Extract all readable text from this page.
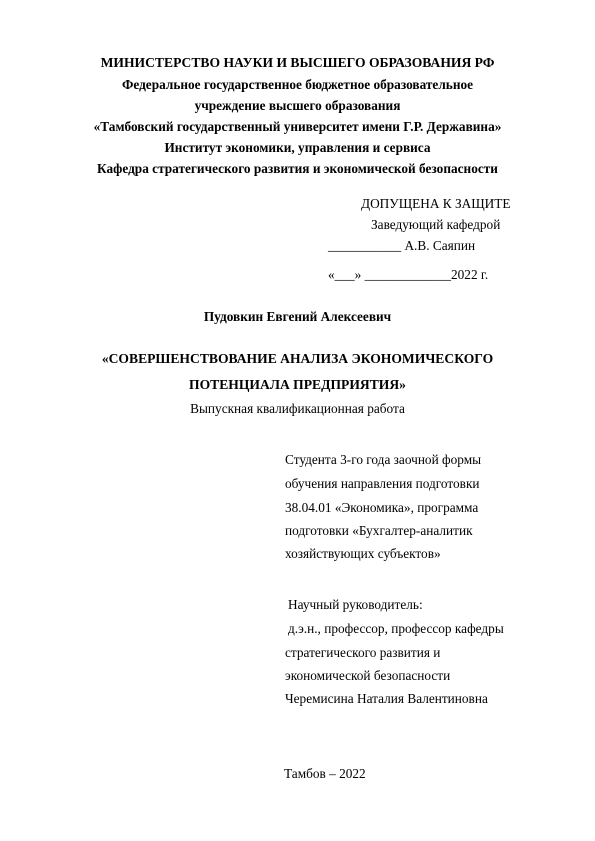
МИНИСТЕРСТВО НАУКИ И ВЫСШЕГО ОБРАЗОВАНИЯ РФ
Федеральное государственное бюджетное образовательное
учреждение высшего образования
«Тамбовский государственный университет имени Г.Р. Державина»
Институт экономики, управления и сервиса
Кафедра стратегического развития и экономической безопасности
ДОПУЩЕНА К ЗАЩИТЕ
Заведующий кафедрой
___________ А.В. Саяпин
«___» _____________2022 г.
Пудовкин Евгений Алексеевич
«СОВЕРШЕНСТВОВАНИЕ АНАЛИЗА ЭКОНОМИЧЕСКОГО
ПОТЕНЦИАЛА ПРЕДПРИЯТИЯ»
Выпускная квалификационная работа
Студента 3-го года заочной формы
обучения направления подготовки
38.04.01 «Экономика», программа
подготовки «Бухгалтер-аналитик
хозяйствующих субъектов»
Научный руководитель:
д.э.н., профессор, профессор кафедры
стратегического развития и
экономической безопасности
Черемисина Наталия Валентиновна
Тамбов – 2022
